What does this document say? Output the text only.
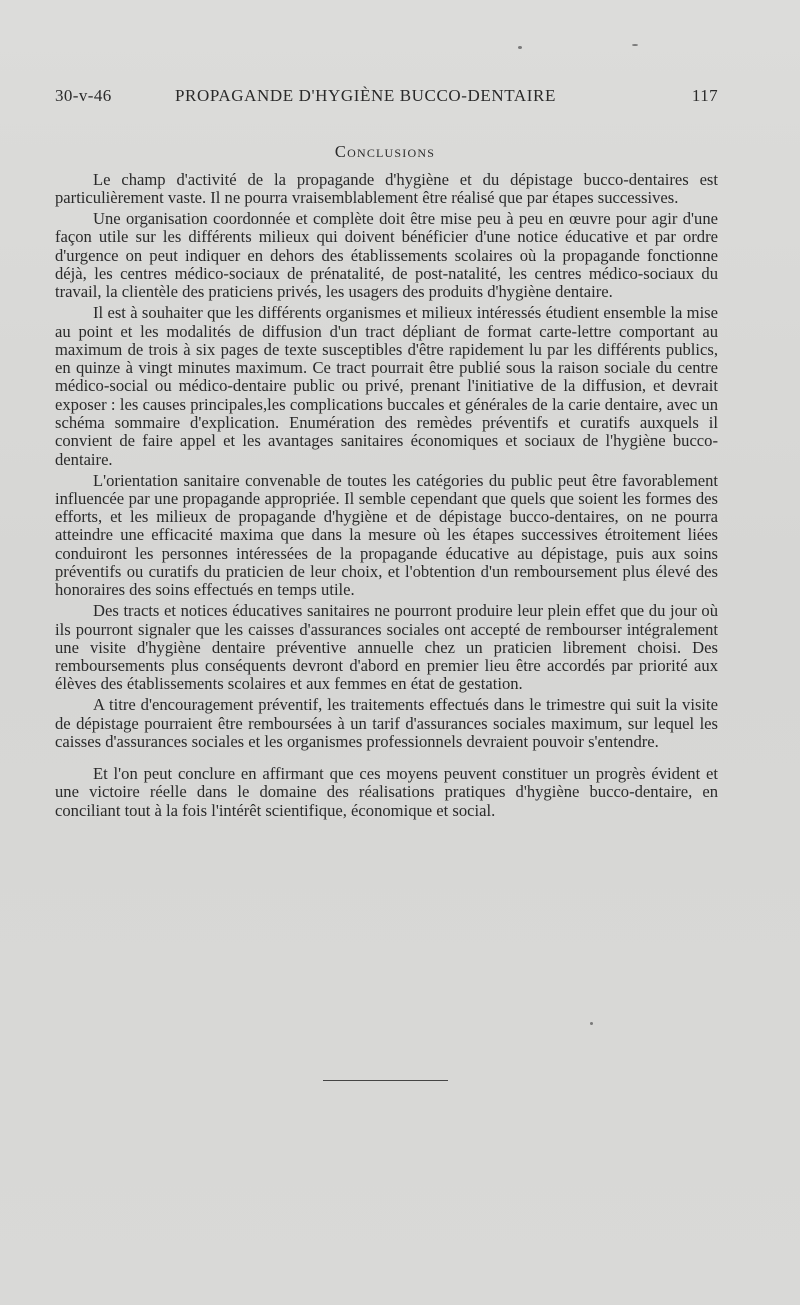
30-v-46	PROPAGANDE D'HYGIÈNE BUCCO-DENTAIRE	117
Conclusions

Le champ d'activité de la propagande d'hygiène et du dépistage bucco-dentaires est particulièrement vaste. Il ne pourra vraisemblablement être réalisé que par étapes successives.

Une organisation coordonnée et complète doit être mise peu à peu en œuvre pour agir d'une façon utile sur les différents milieux qui doivent bénéficier d'une notice éducative et par ordre d'urgence on peut indiquer en dehors des établissements scolaires où la propagande fonctionne déjà, les centres médico-sociaux de prénatalité, de post-natalité, les centres médico-sociaux du travail, la clientèle des praticiens privés, les usagers des produits d'hygiène dentaire.

Il est à souhaiter que les différents organismes et milieux intéressés étudient ensemble la mise au point et les modalités de diffusion d'un tract dépliant de format carte-lettre comportant au maximum de trois à six pages de texte susceptibles d'être rapidement lu par les différents publics, en quinze à vingt minutes maximum. Ce tract pourrait être publié sous la raison sociale du centre médico-social ou médico-dentaire public ou privé, prenant l'initiative de la diffusion, et devrait exposer : les causes principales,les complications buccales et générales de la carie dentaire, avec un schéma sommaire d'explication. Enumération des remèdes préventifs et curatifs auxquels il convient de faire appel et les avantages sanitaires économiques et sociaux de l'hygiène bucco-dentaire.

L'orientation sanitaire convenable de toutes les catégories du public peut être favorablement influencée par une propagande appropriée. Il semble cependant que quels que soient les formes des efforts, et les milieux de propagande d'hygiène et de dépistage bucco-dentaires, on ne pourra atteindre une efficacité maxima que dans la mesure où les étapes successives étroitement liées conduiront les personnes intéressées de la propagande éducative au dépistage, puis aux soins préventifs ou curatifs du praticien de leur choix, et l'obtention d'un remboursement plus élevé des honoraires des soins effectués en temps utile.

Des tracts et notices éducatives sanitaires ne pourront produire leur plein effet que du jour où ils pourront signaler que les caisses d'assurances sociales ont accepté de rembourser intégralement une visite d'hygiène dentaire préventive annuelle chez un praticien librement choisi. Des remboursements plus conséquents devront d'abord en premier lieu être accordés par priorité aux élèves des établissements scolaires et aux femmes en état de gestation.

A titre d'encouragement préventif, les traitements effectués dans le trimestre qui suit la visite de dépistage pourraient être remboursées à un tarif d'assurances sociales maximum, sur lequel les caisses d'assurances sociales et les organismes professionnels devraient pouvoir s'entendre.

Et l'on peut conclure en affirmant que ces moyens peuvent constituer un progrès évident et une victoire réelle dans le domaine des réalisations pratiques d'hygiène bucco-dentaire, en conciliant tout à la fois l'intérêt scientifique, économique et social.
